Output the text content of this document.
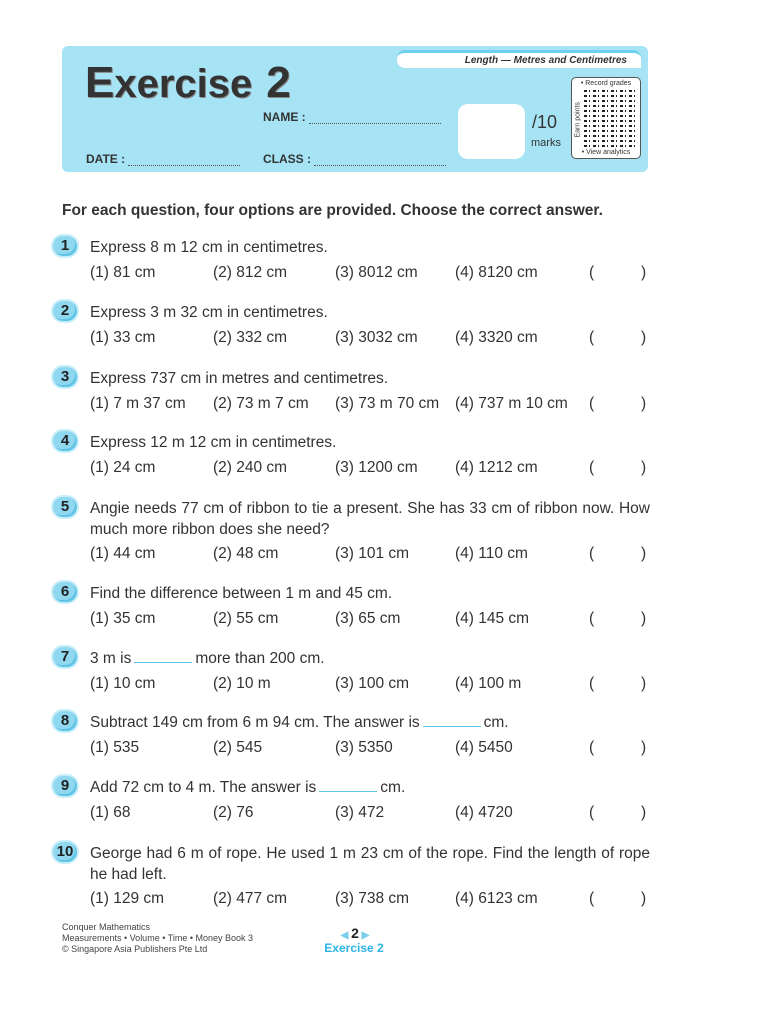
Length — Metres and Centimetres
Exercise 2
NAME :
DATE :	CLASS :
/10
marks
• Record grades
Earn points
• View analytics
For each question, four options are provided. Choose the correct answer.
1	Express 8 m 12 cm in centimetres.
(1) 81 cm	(2) 812 cm	(3) 8012 cm (4) 8120 cm	(	)
2	Express 3 m 32 cm in centimetres.
(1) 33 cm	(2) 332 cm	(3) 3032 cm (4) 3320 cm	(	)
3	Express 737 cm in metres and centimetres.
(1) 7 m 37 cm (2) 73 m 7 cm (3) 73 m 70 cm (4) 737 m 10 cm (	)
4	Express 12 m 12 cm in centimetres.
(1) 24 cm	(2) 240 cm	(3) 1200 cm (4) 1212 cm	(	)
5	Angie needs 77 cm of ribbon to tie a present. She has 33 cm of ribbon now. How much more ribbon does she need?
(1) 44 cm	(2) 48 cm	(3) 101 cm	(4) 110 cm	(	)
6	Find the difference between 1 m and 45 cm.
(1) 35 cm	(2) 55 cm	(3) 65 cm	(4) 145 cm	(	)
7	3 m is	more than 200 cm.
(1) 10 cm	(2) 10 m	(3) 100 cm	(4) 100 m	(	)
8	Subtract 149 cm from 6 m 94 cm. The answer is	cm.
(1) 535	(2) 545	(3) 5350	(4) 5450	(	)
9	Add 72 cm to 4 m. The answer is	cm.
(1) 68	(2) 76	(3) 472	(4) 4720	(	)
10	George had 6 m of rope. He used 1 m 23 cm of the rope. Find the length of rope he had left.
(1) 129 cm	(2) 477 cm	(3) 738 cm	(4) 6123 cm	(	)
Conquer Mathematics
Measurements • Volume • Time • Money Book 3
© Singapore Asia Publishers Pte Ltd
◀ 2 ▶
Exercise 2
